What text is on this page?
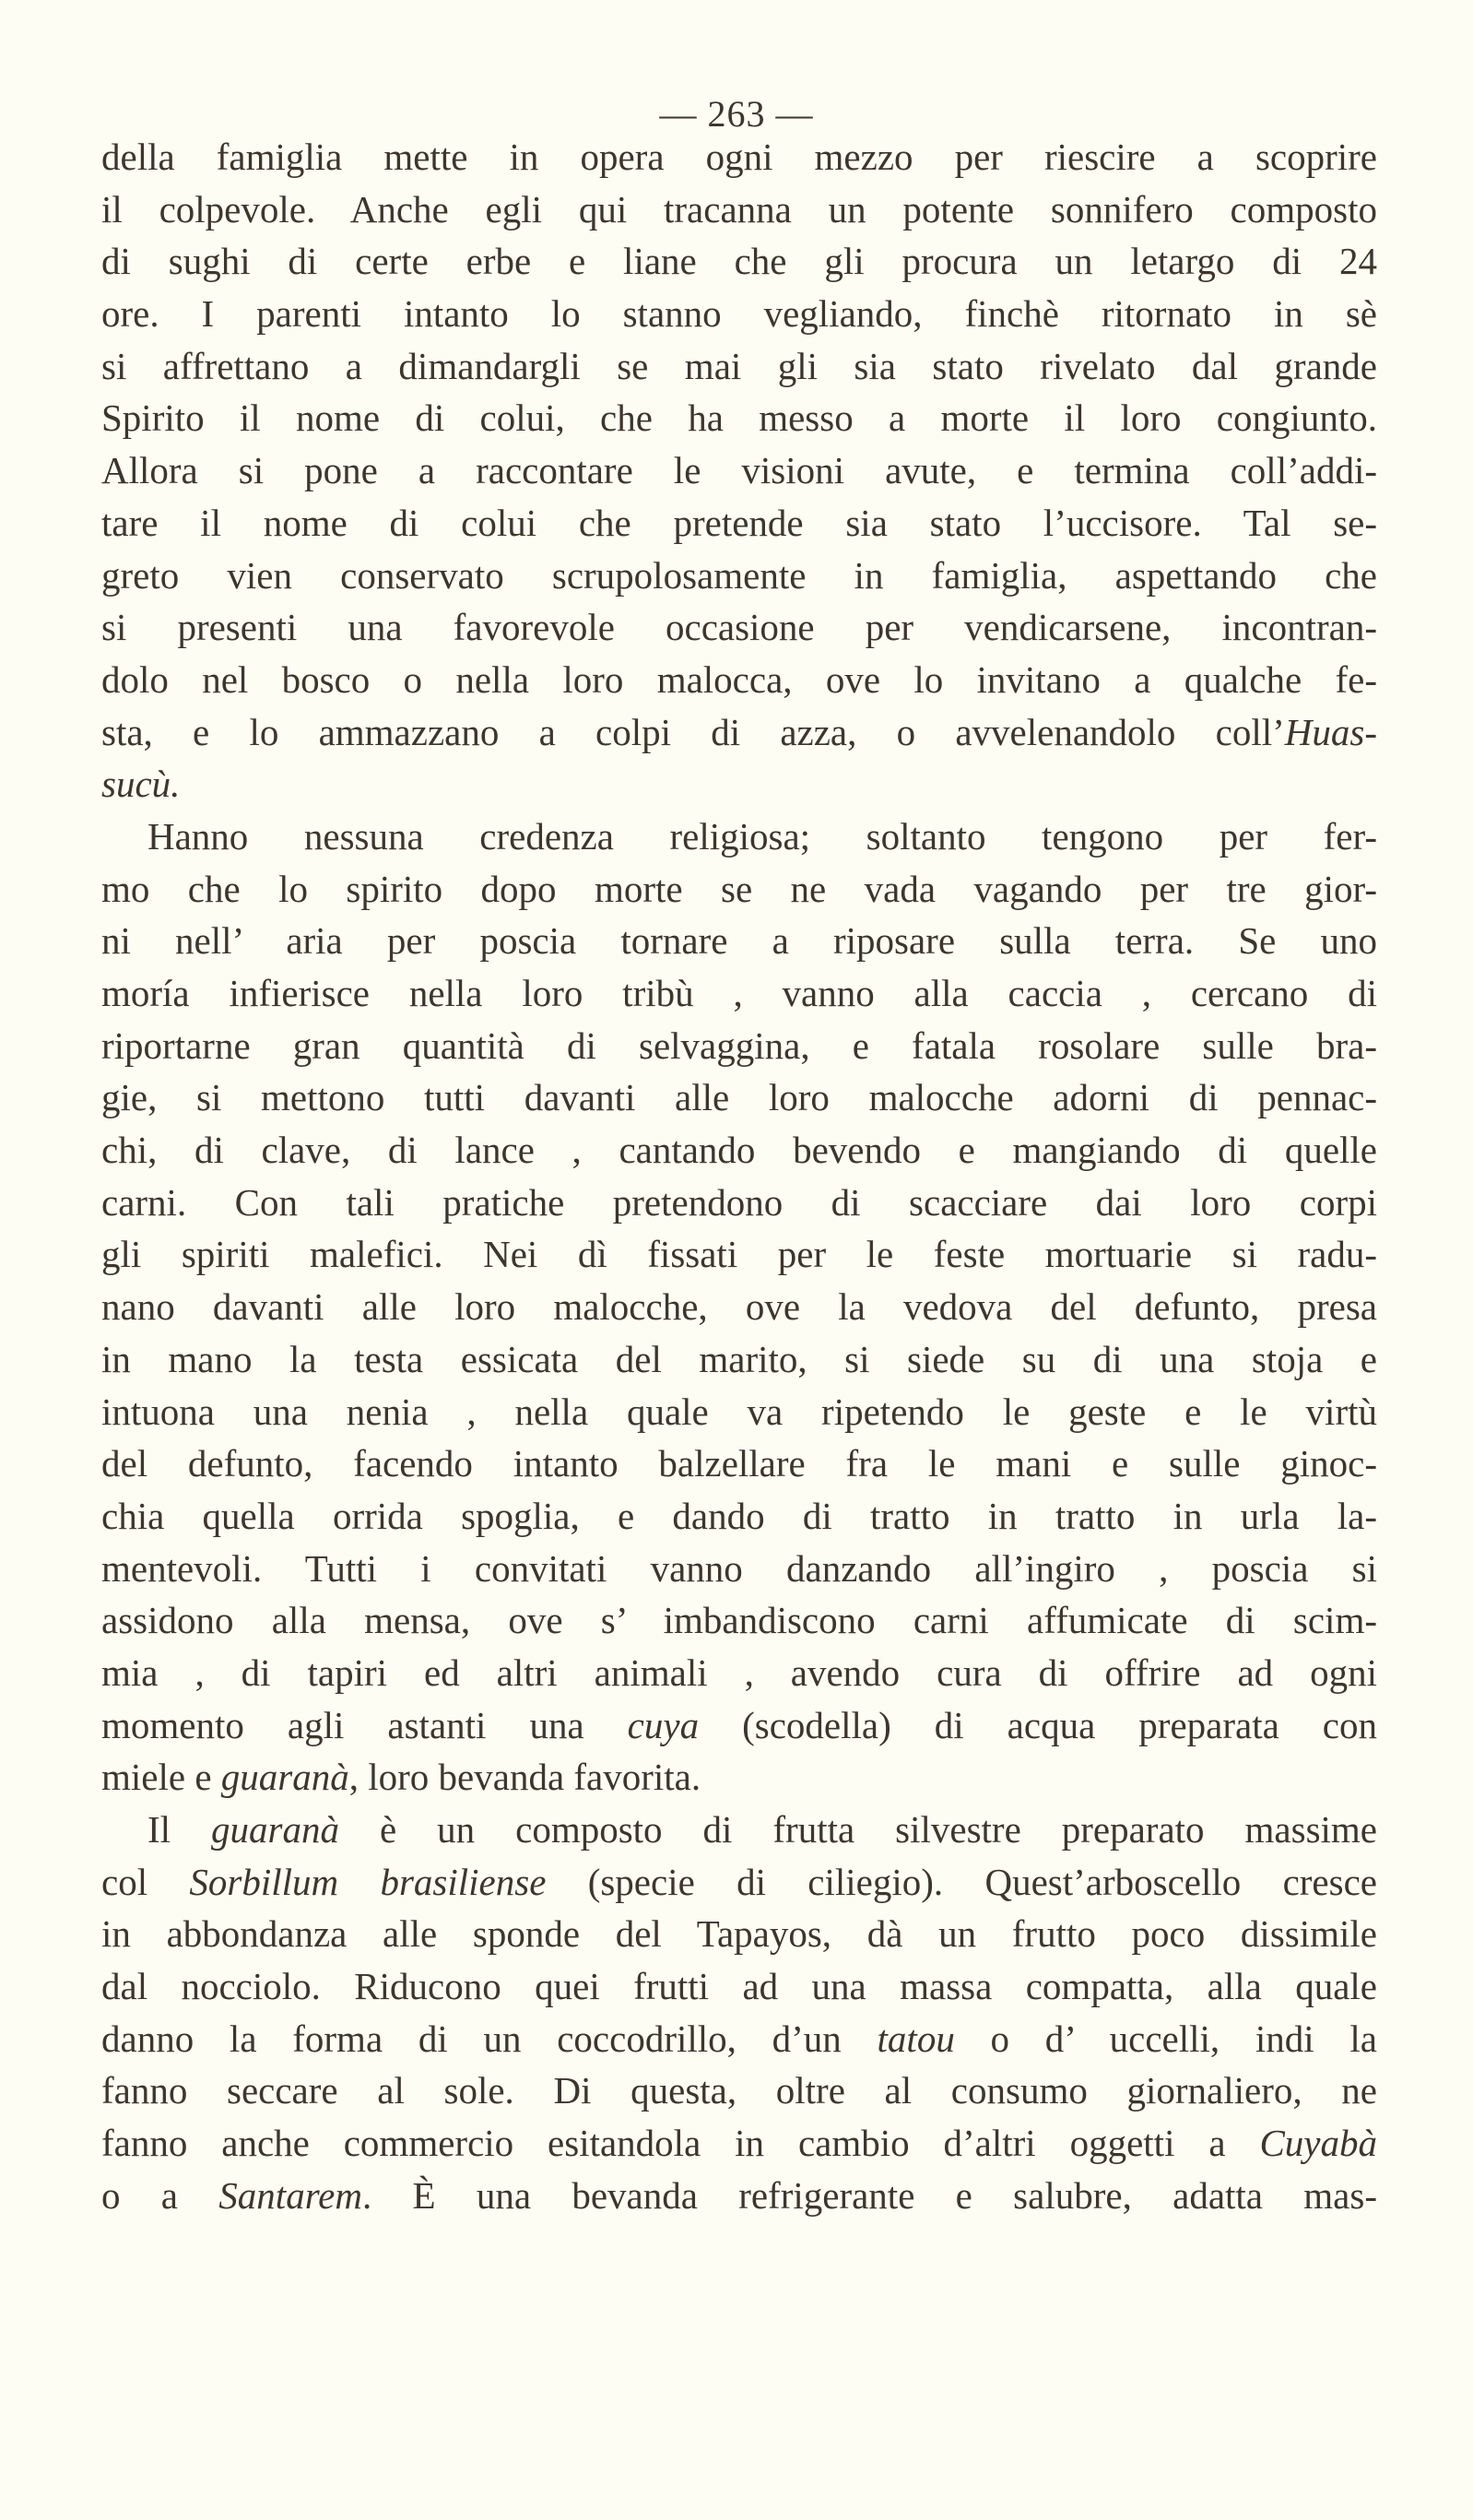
— 263 —
della famiglia mette in opera ogni mezzo per riescire a scoprire
il colpevole. Anche egli qui tracanna un potente sonnifero composto
di sughi di certe erbe e liane che gli procura un letargo di 24
ore. I parenti intanto lo stanno vegliando, finchè ritornato in sè
si affrettano a dimandargli se mai gli sia stato rivelato dal grande
Spirito il nome di colui, che ha messo a morte il loro congiunto.
Allora si pone a raccontare le visioni avute, e termina coll’addi-
tare il nome di colui che pretende sia stato l’uccisore. Tal se-
greto vien conservato scrupolosamente in famiglia, aspettando che
si presenti una favorevole occasione per vendicarsene, incontran-
dolo nel bosco o nella loro malocca, ove lo invitano a qualche fe-
sta, e lo ammazzano a colpi di azza, o avvelenandolo coll’Huas-
sucù.
Hanno nessuna credenza religiosa; soltanto tengono per fer-
mo che lo spirito dopo morte se ne vada vagando per tre gior-
ni nell’ aria per poscia tornare a riposare sulla terra. Se uno
moría infierisce nella loro tribù , vanno alla caccia , cercano di
riportarne gran quantità di selvaggina, e fatala rosolare sulle bra-
gie, si mettono tutti davanti alle loro malocche adorni di pennac-
chi, di clave, di lance , cantando bevendo e mangiando di quelle
carni. Con tali pratiche pretendono di scacciare dai loro corpi
gli spiriti malefici. Nei dì fissati per le feste mortuarie si radu-
nano davanti alle loro malocche, ove la vedova del defunto, presa
in mano la testa essicata del marito, si siede su di una stoja e
intuona una nenia , nella quale va ripetendo le geste e le virtù
del defunto, facendo intanto balzellare fra le mani e sulle ginoc-
chia quella orrida spoglia, e dando di tratto in tratto in urla la-
mentevoli. Tutti i convitati vanno danzando all’ingiro , poscia si
assidono alla mensa, ove s’ imbandiscono carni affumicate di scim-
mia , di tapiri ed altri animali , avendo cura di offrire ad ogni
momento agli astanti una cuya (scodella) di acqua preparata con
miele e guaranà, loro bevanda favorita.
Il guaranà è un composto di frutta silvestre preparato massime
col Sorbillum brasiliense (specie di ciliegio). Quest’arboscello cresce
in abbondanza alle sponde del Tapayos, dà un frutto poco dissimile
dal nocciolo. Riducono quei frutti ad una massa compatta, alla quale
danno la forma di un coccodrillo, d’un tatou o d’ uccelli, indi la
fanno seccare al sole. Di questa, oltre al consumo giornaliero, ne
fanno anche commercio esitandola in cambio d’altri oggetti a Cuyabà
o a Santarem. È una bevanda refrigerante e salubre, adatta mas-
